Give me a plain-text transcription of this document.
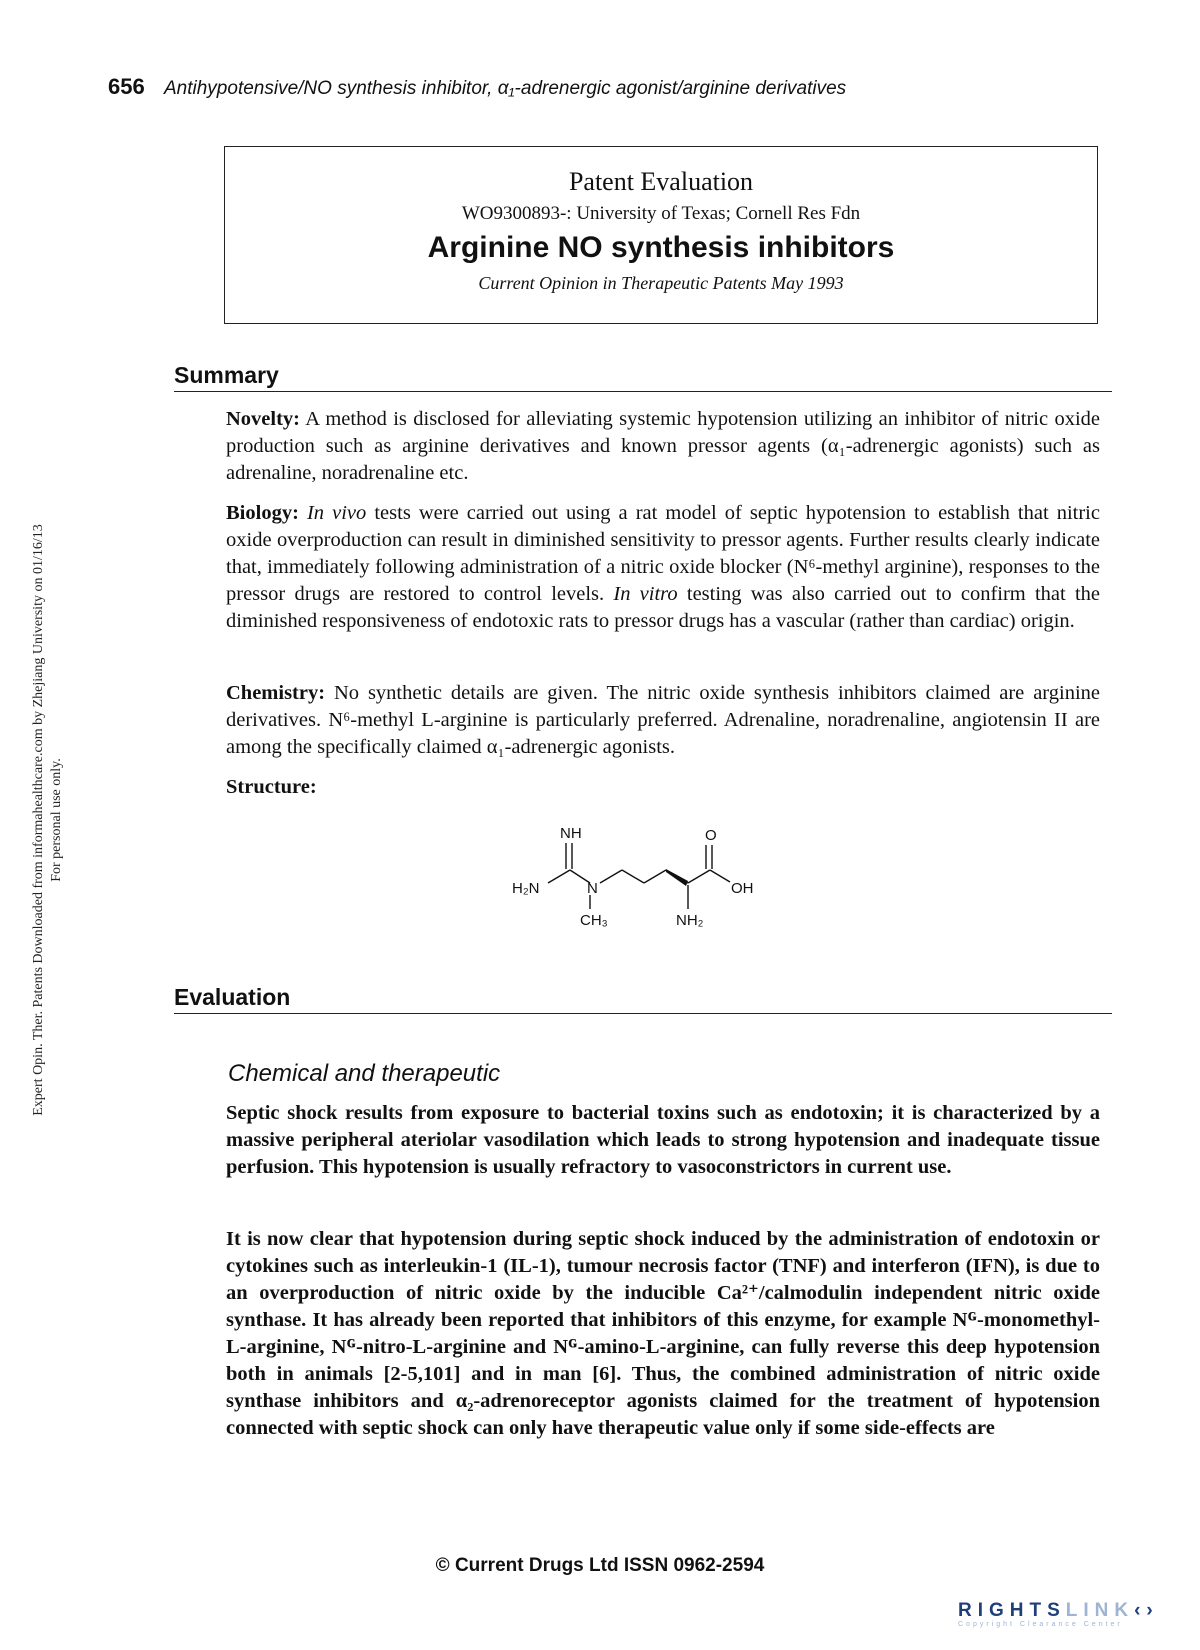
656 Antihypotensive/NO synthesis inhibitor, α₁-adrenergic agonist/arginine derivatives
Expert Opin. Ther. Patents Downloaded from informahealthcare.com by Zhejiang University on 01/16/13 For personal use only.
Patent Evaluation
WO9300893-: University of Texas; Cornell Res Fdn
Arginine NO synthesis inhibitors
Current Opinion in Therapeutic Patents May 1993
Summary
Novelty: A method is disclosed for alleviating systemic hypotension utilizing an inhibitor of nitric oxide production such as arginine derivatives and known pressor agents (α₁-adrenergic agonists) such as adrenaline, noradrenaline etc.
Biology: In vivo tests were carried out using a rat model of septic hypotension to establish that nitric oxide overproduction can result in diminished sensitivity to pressor agents. Further results clearly indicate that, immediately following administration of a nitric oxide blocker (N⁶-methyl arginine), responses to the pressor drugs are restored to control levels. In vitro testing was also carried out to confirm that the diminished responsiveness of endotoxic rats to pressor drugs has a vascular (rather than cardiac) origin.
Chemistry: No synthetic details are given. The nitric oxide synthesis inhibitors claimed are arginine derivatives. N⁶-methyl L-arginine is particularly preferred. Adrenaline, noradrenaline, angiotensin II are among the specifically claimed α₁-adrenergic agonists.
Structure:
NH	O
H₂N	N	OH
CH₃	NH₂
Evaluation
Chemical and therapeutic
Septic shock results from exposure to bacterial toxins such as endotoxin; it is characterized by a massive peripheral ateriolar vasodilation which leads to strong hypotension and inadequate tissue perfusion. This hypotension is usually refractory to vasoconstrictors in current use.
It is now clear that hypotension during septic shock induced by the administration of endotoxin or cytokines such as interleukin-1 (IL-1), tumour necrosis factor (TNF) and interferon (IFN), is due to an overproduction of nitric oxide by the inducible Ca²⁺/calmodulin independent nitric oxide synthase. It has already been reported that inhibitors of this enzyme, for example Nᴳ-monomethyl-L-arginine, Nᴳ-nitro-L-arginine and Nᴳ-amino-L-arginine, can fully reverse this deep hypotension both in animals [2-5,101] and in man [6]. Thus, the combined administration of nitric oxide synthase inhibitors and α₂-adrenoreceptor agonists claimed for the treatment of hypotension connected with septic shock can only have therapeutic value only if some side-effects are
© Current Drugs Ltd ISSN 0962-2594
RIGHTSLINK‹›
Copyright Clearance Center
